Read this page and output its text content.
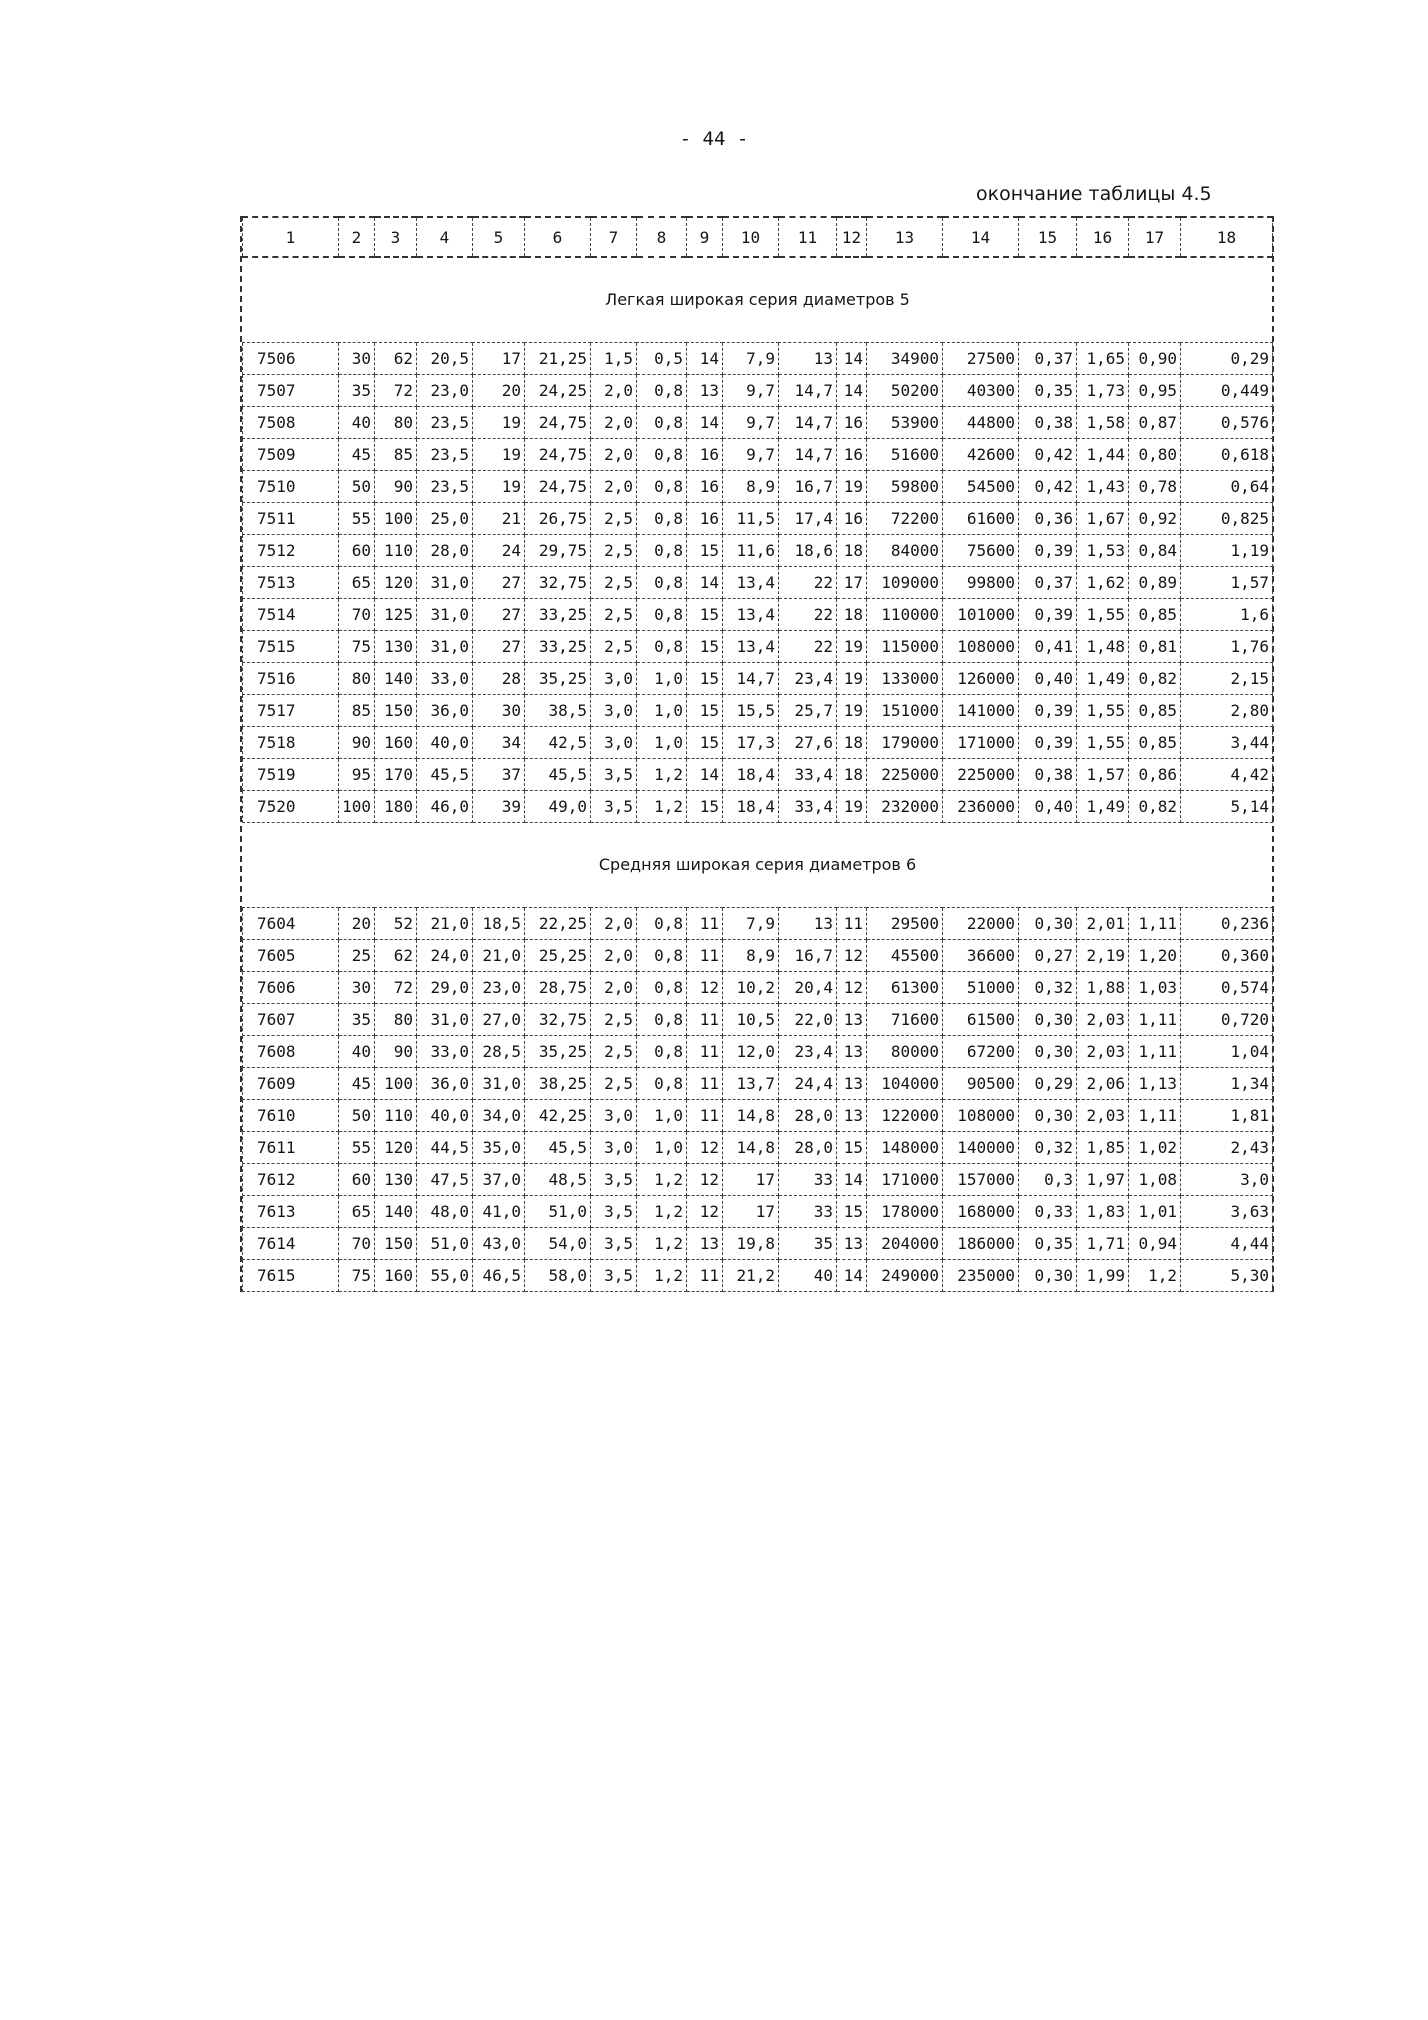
- 44 -
окончание таблицы 4.5
1	2	3	4	5	6	7	8	9	10	11	12	13	14	15	16	17	18
Легкая широкая серия диаметров 5																	
7506	30	62	20,5	17	21,25	1,5	0,5	14	7,9	13	14	34900	27500	0,37	1,65	0,90	0,29
7507	35	72	23,0	20	24,25	2,0	0,8	13	9,7	14,7	14	50200	40300	0,35	1,73	0,95	0,449
7508	40	80	23,5	19	24,75	2,0	0,8	14	9,7	14,7	16	53900	44800	0,38	1,58	0,87	0,576
7509	45	85	23,5	19	24,75	2,0	0,8	16	9,7	14,7	16	51600	42600	0,42	1,44	0,80	0,618
7510	50	90	23,5	19	24,75	2,0	0,8	16	8,9	16,7	19	59800	54500	0,42	1,43	0,78	0,64
7511	55	100	25,0	21	26,75	2,5	0,8	16	11,5	17,4	16	72200	61600	0,36	1,67	0,92	0,825
7512	60	110	28,0	24	29,75	2,5	0,8	15	11,6	18,6	18	84000	75600	0,39	1,53	0,84	1,19
7513	65	120	31,0	27	32,75	2,5	0,8	14	13,4	22	17	109000	99800	0,37	1,62	0,89	1,57
7514	70	125	31,0	27	33,25	2,5	0,8	15	13,4	22	18	110000	101000	0,39	1,55	0,85	1,6
7515	75	130	31,0	27	33,25	2,5	0,8	15	13,4	22	19	115000	108000	0,41	1,48	0,81	1,76
7516	80	140	33,0	28	35,25	3,0	1,0	15	14,7	23,4	19	133000	126000	0,40	1,49	0,82	2,15
7517	85	150	36,0	30	38,5	3,0	1,0	15	15,5	25,7	19	151000	141000	0,39	1,55	0,85	2,80
7518	90	160	40,0	34	42,5	3,0	1,0	15	17,3	27,6	18	179000	171000	0,39	1,55	0,85	3,44
7519	95	170	45,5	37	45,5	3,5	1,2	14	18,4	33,4	18	225000	225000	0,38	1,57	0,86	4,42
7520	100	180	46,0	39	49,0	3,5	1,2	15	18,4	33,4	19	232000	236000	0,40	1,49	0,82	5,14
Средняя широкая серия диаметров 6																	
7604	20	52	21,0	18,5	22,25	2,0	0,8	11	7,9	13	11	29500	22000	0,30	2,01	1,11	0,236
7605	25	62	24,0	21,0	25,25	2,0	0,8	11	8,9	16,7	12	45500	36600	0,27	2,19	1,20	0,360
7606	30	72	29,0	23,0	28,75	2,0	0,8	12	10,2	20,4	12	61300	51000	0,32	1,88	1,03	0,574
7607	35	80	31,0	27,0	32,75	2,5	0,8	11	10,5	22,0	13	71600	61500	0,30	2,03	1,11	0,720
7608	40	90	33,0	28,5	35,25	2,5	0,8	11	12,0	23,4	13	80000	67200	0,30	2,03	1,11	1,04
7609	45	100	36,0	31,0	38,25	2,5	0,8	11	13,7	24,4	13	104000	90500	0,29	2,06	1,13	1,34
7610	50	110	40,0	34,0	42,25	3,0	1,0	11	14,8	28,0	13	122000	108000	0,30	2,03	1,11	1,81
7611	55	120	44,5	35,0	45,5	3,0	1,0	12	14,8	28,0	15	148000	140000	0,32	1,85	1,02	2,43
7612	60	130	47,5	37,0	48,5	3,5	1,2	12	17	33	14	171000	157000	0,3	1,97	1,08	3,0
7613	65	140	48,0	41,0	51,0	3,5	1,2	12	17	33	15	178000	168000	0,33	1,83	1,01	3,63
7614	70	150	51,0	43,0	54,0	3,5	1,2	13	19,8	35	13	204000	186000	0,35	1,71	0,94	4,44
7615	75	160	55,0	46,5	58,0	3,5	1,2	11	21,2	40	14	249000	235000	0,30	1,99	1,2	5,30
